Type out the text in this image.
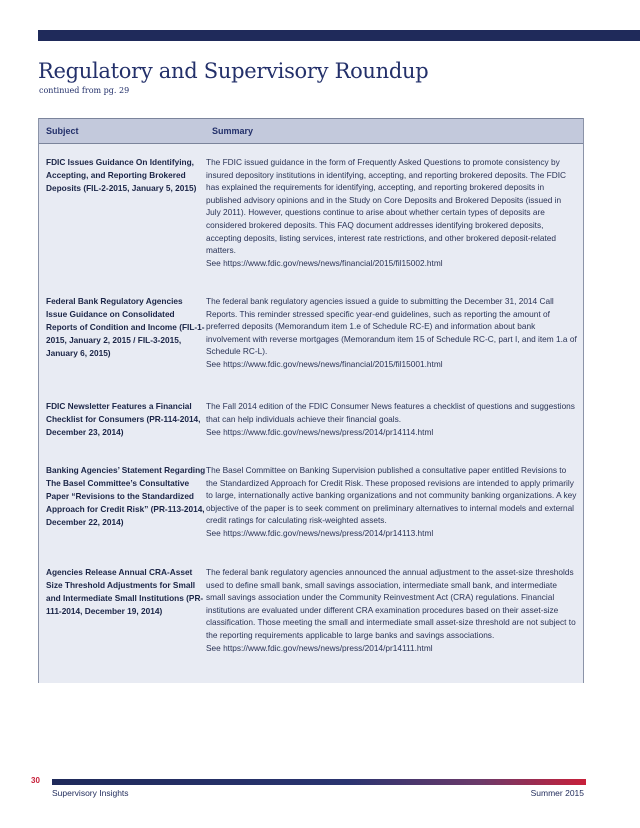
Regulatory and Supervisory Roundup
continued from pg. 29
Subject	Summary
FDIC Issues Guidance On Identifying, Accepting, and Reporting Brokered Deposits (FIL-2-2015, January 5, 2015)
The FDIC issued guidance in the form of Frequently Asked Questions to promote consistency by insured depository institutions in identifying, accepting, and reporting brokered deposits. The FDIC has explained the requirements for identifying, accepting, and reporting brokered deposits in published advisory opinions and in the Study on Core Deposits and Brokered Deposits (issued in July 2011). However, questions continue to arise about whether certain types of deposits are considered brokered deposits. This FAQ document addresses identifying brokered deposits, accepting deposits, listing services, interest rate restrictions, and other brokered deposit-related matters.
See https://www.fdic.gov/news/news/financial/2015/fil15002.html
Federal Bank Regulatory Agencies Issue Guidance on Consolidated Reports of Condition and Income (FIL-1-2015, January 2, 2015 / FIL-3-2015, January 6, 2015)
The federal bank regulatory agencies issued a guide to submitting the December 31, 2014 Call Reports. This reminder stressed specific year-end guidelines, such as reporting the amount of preferred deposits (Memorandum item 1.e of Schedule RC-E) and information about bank involvement with reverse mortgages (Memorandum item 15 of Schedule RC-C, part I, and item 1.a of Schedule RC-L).
See https://www.fdic.gov/news/news/financial/2015/fil15001.html
FDIC Newsletter Features a Financial Checklist for Consumers (PR-114-2014, December 23, 2014)
The Fall 2014 edition of the FDIC Consumer News features a checklist of questions and suggestions that can help individuals achieve their financial goals.
See https://www.fdic.gov/news/news/press/2014/pr14114.html
Banking Agencies’ Statement Regarding The Basel Committee’s Consultative Paper “Revisions to the Standardized Approach for Credit Risk” (PR-113-2014, December 22, 2014)
The Basel Committee on Banking Supervision published a consultative paper entitled Revisions to the Standardized Approach for Credit Risk. These proposed revisions are intended to apply primarily to large, internationally active banking organizations and not community banking organizations. A key objective of the paper is to seek comment on preliminary alternatives to internal models and external credit ratings for calculating risk-weighted assets.
See https://www.fdic.gov/news/news/press/2014/pr14113.html
Agencies Release Annual CRA-Asset Size Threshold Adjustments for Small and Intermediate Small Institutions (PR-111-2014, December 19, 2014)
The federal bank regulatory agencies announced the annual adjustment to the asset-size thresholds used to define small bank, small savings association, intermediate small bank, and intermediate small savings association under the Community Reinvestment Act (CRA) regulations. Financial institutions are evaluated under different CRA examination procedures based on their asset-size classification. Those meeting the small and intermediate small asset-size threshold are not subject to the reporting requirements applicable to large banks and savings associations.
See https://www.fdic.gov/news/news/press/2014/pr14111.html
30
Supervisory Insights	Summer 2015
